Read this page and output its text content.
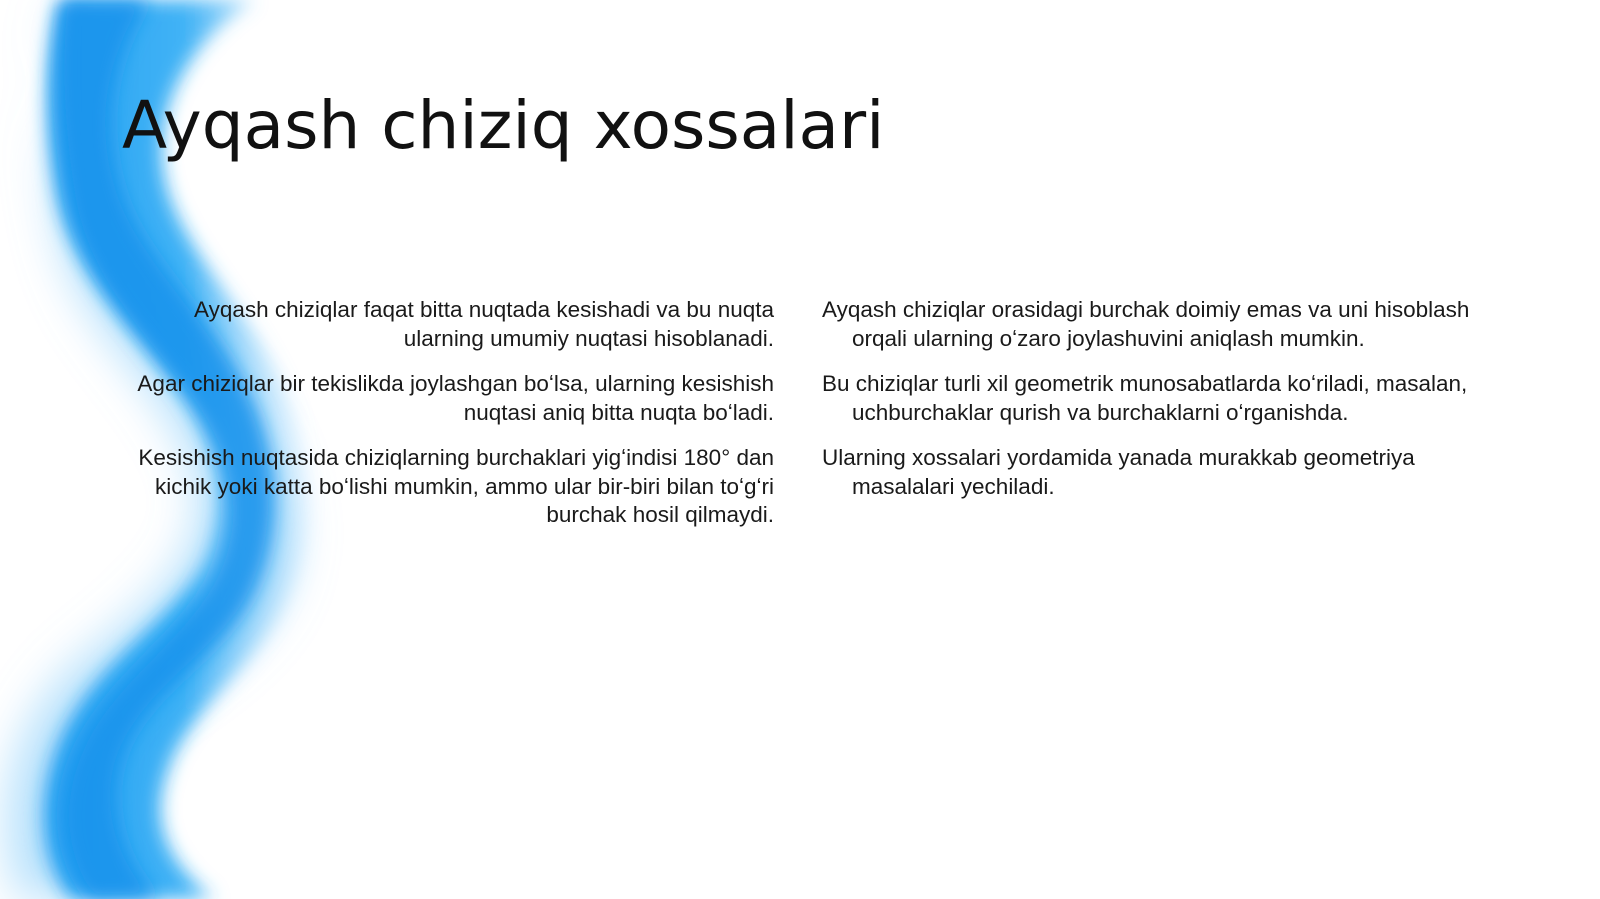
Ayqash chiziq xossalari

Ayqash chiziqlar faqat bitta nuqtada kesishadi va bu nuqta ularning umumiy nuqtasi hisoblanadi.

Agar chiziqlar bir tekislikda joylashgan boʻlsa, ularning kesishish nuqtasi aniq bitta nuqta boʻladi.

Kesishish nuqtasida chiziqlarning burchaklari yigʻindisi 180° dan kichik yoki katta boʻlishi mumkin, ammo ular bir-biri bilan toʻgʻri burchak hosil qilmaydi.

Ayqash chiziqlar orasidagi burchak doimiy emas va uni hisoblash orqali ularning oʻzaro joylashuvini aniqlash mumkin.

Bu chiziqlar turli xil geometrik munosabatlarda koʻriladi, masalan, uchburchaklar qurish va burchaklarni oʻrganishda.

Ularning xossalari yordamida yanada murakkab geometriya masalalari yechiladi.
